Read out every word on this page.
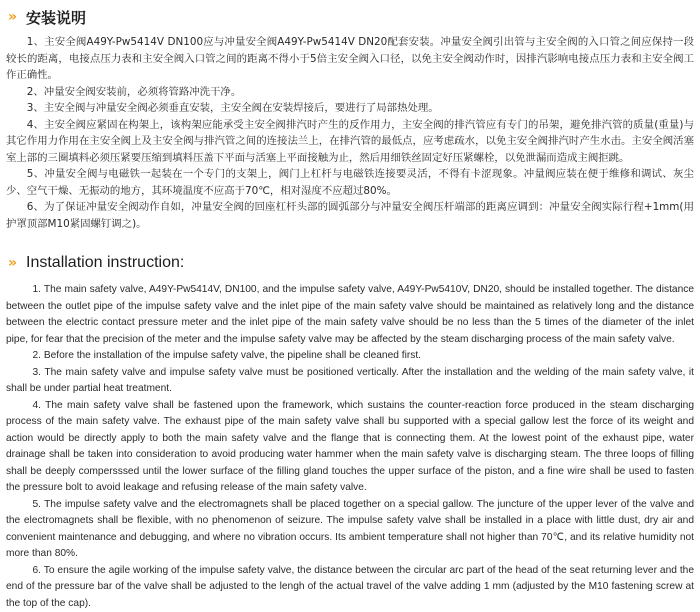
» 安装说明

1、主安全阀A49Y-Pw5414V DN100应与冲量安全阀A49Y-Pw5414V DN20配套安装。冲量安全阀引出管与主安全阀的入口管之间应保持一段较长的距离，电接点压力表和主安全阀入口管之间的距离不得小于5倍主安全阀入口径，以免主安全阀动作时，因排汽影响电接点压力表和主安全阀工作正确性。

2、冲量安全阀安装前，必须将管路冲洗干净。

3、主安全阀与冲量安全阀必须垂直安装，主安全阀在安装焊接后，要进行了局部热处理。

4、主安全阀应紧固在构架上，该构架应能承受主安全阀排汽时产生的反作用力，主安全阀的排汽管应有专门的吊架，避免排汽管的质量(重量)与其它作用力作用在主安全阀上及主安全阀与排汽管之间的连接法兰上，在排汽管的最低点，应考虑疏水，以免主安全阀排汽时产生水击。主安全阀活塞室上部的三圈填料必须压紧要压缩到填料压盖下平面与活塞上平面接触为止，然后用细铁丝固定好压紧螺栓，以免泄漏而造成主阀拒跳。

5、冲量安全阀与电磁铁一起装在一个专门的支架上，阀门上杠杆与电磁铁连接要灵活，不得有卡涩现象。冲量阀应装在便于维修和调试、灰尘少、空气干燥、无振动的地方，其环境温度不应高于70℃，相对湿度不应超过80%。

6、为了保证冲量安全阀动作自如，冲量安全阀的回座杠杆头部的圆弧部分与冲量安全阀压杆端部的距离应调到：冲量安全阀实际行程+1mm(用护罩顶部M10紧固螺钉调之)。

» Installation instruction:

1. The main safety valve, A49Y-Pw5414V, DN100, and the impulse safety valve, A49Y-Pw5410V, DN20, should be installed together. The distance between the outlet pipe of the impulse safety valve and the inlet pipe of the main safety valve should be maintained as relatively long and the distance between the electric contact pressure meter and the inlet pipe of the main safety valve should be no less than the 5 times of the diameter of the inlet pipe, for fear that the precision of the meter and the impulse safety valve may be affected by the steam discharging process of the main safety valve.

2. Before the installation of the impulse safety valve, the pipeline shall be cleaned first.

3. The main safety valve and impulse safety valve must be positioned vertically. After the installation and the welding of the main safety valve, it shall be under partial heat treatment.

4. The main safety valve shall be fastened upon the framework, which sustains the counter-reaction force produced in the steam discharging process of the main safety valve. The exhaust pipe of the main safety valve shall bu supported with a special gallow lest the force of its weight and action would be directly apply to both the main safety valve and the flange that is connecting them. At the lowest point of the exhaust pipe, water drainage shall be taken into consideration to avoid producing water hammer when the main safety valve is discharging steam. The three loops of filling shall be deeply compersssed until the lower surface of the filling gland touches the upper surface of the piston, and a fine wire shall be used to fasten the pressure bolt to avoid leakage and refusing release of the main safety valve.

5. The impulse safety valve and the electromagnets shall be placed together on a special gallow. The juncture of the upper lever of the valve and the electromagnets shall be flexible, with no phenomenon of seizure. The impulse safety valve shall be installed in a place with little dust, dry air and convenient maintenance and debugging, and where no vibration occurs. Its ambient temperature shall not higher than 70℃, and its relative humidity not more than 80%.

6. To ensure the agile working of the impulse safety valve, the distance between the circular arc part of the head of the seat returning lever and the end of the pressure bar of the valve shall be adjusted to the lengh of the actual travel of the valve adding 1 mm (adjusted by the M10 fastening screw at the top of the cap).
